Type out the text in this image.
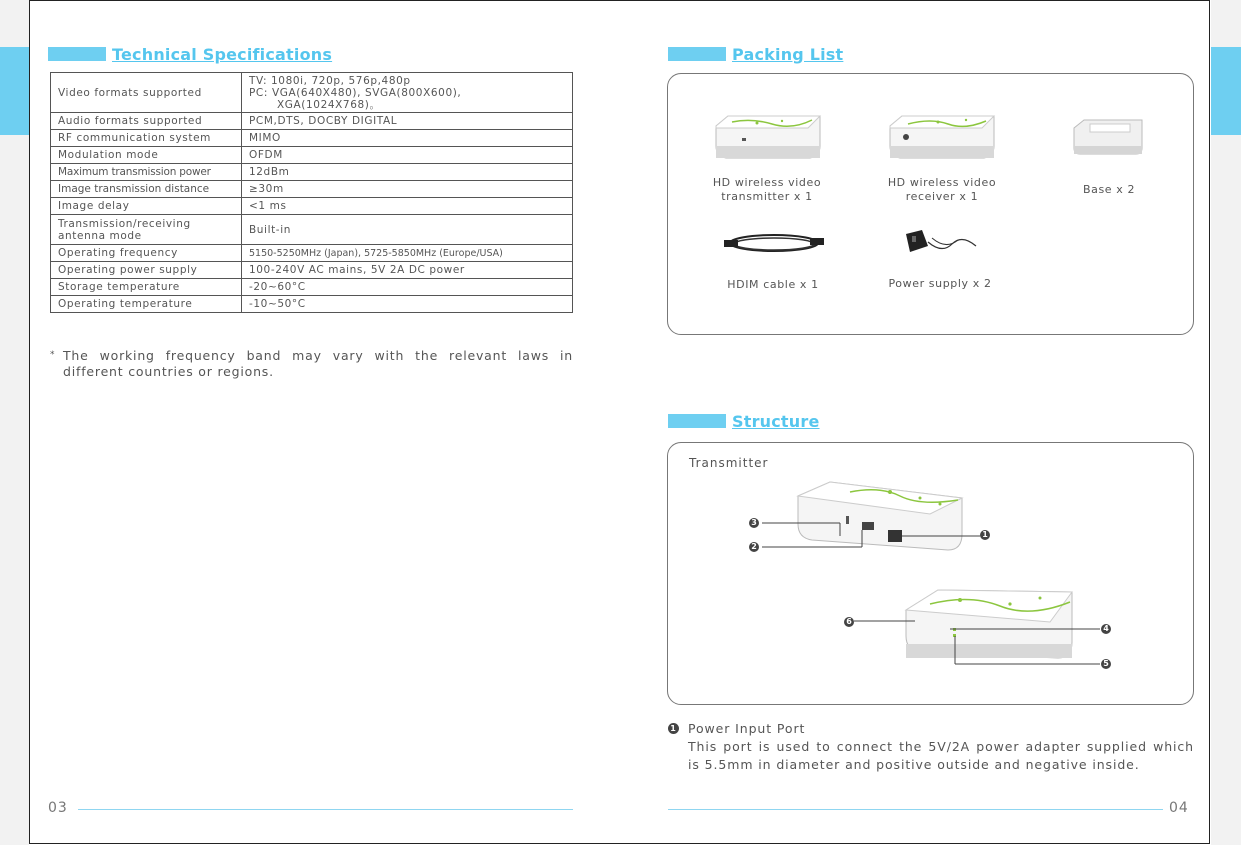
Technical Specifications
Video formats supported	TV: 1080i, 720p, 576p,480p
PC: VGA(640X480), SVGA(800X600),
XGA(1024X768)。

Audio formats supported	PCM,DTS, DOCBY DIGITAL
RF communication system	MIMO
Modulation mode	OFDM
Maximum transmission power	12dBm
Image transmission distance	≥30m
Image delay	<1 ms
Transmission/receiving antenna mode	Built-in
Operating frequency	5150-5250MHz (Japan), 5725-5850MHz (Europe/USA)
Operating power supply	100-240V AC mains, 5V 2A DC power
Storage temperature	-20~60°C
Operating temperature	-10~50°C
* The working frequency band may vary with the relevant laws in different countries or regions.
03
Packing List
HD wireless video transmitter x 1
HD wireless video receiver x 1	Base x 2
HDIM cable x 1	Power supply x 2
Structure
Transmitter
3
2
1
6
4
5
1 Power Input Port
This port is used to connect the 5V/2A power adapter supplied which is 5.5mm in diameter and positive outside and negative inside.
04
